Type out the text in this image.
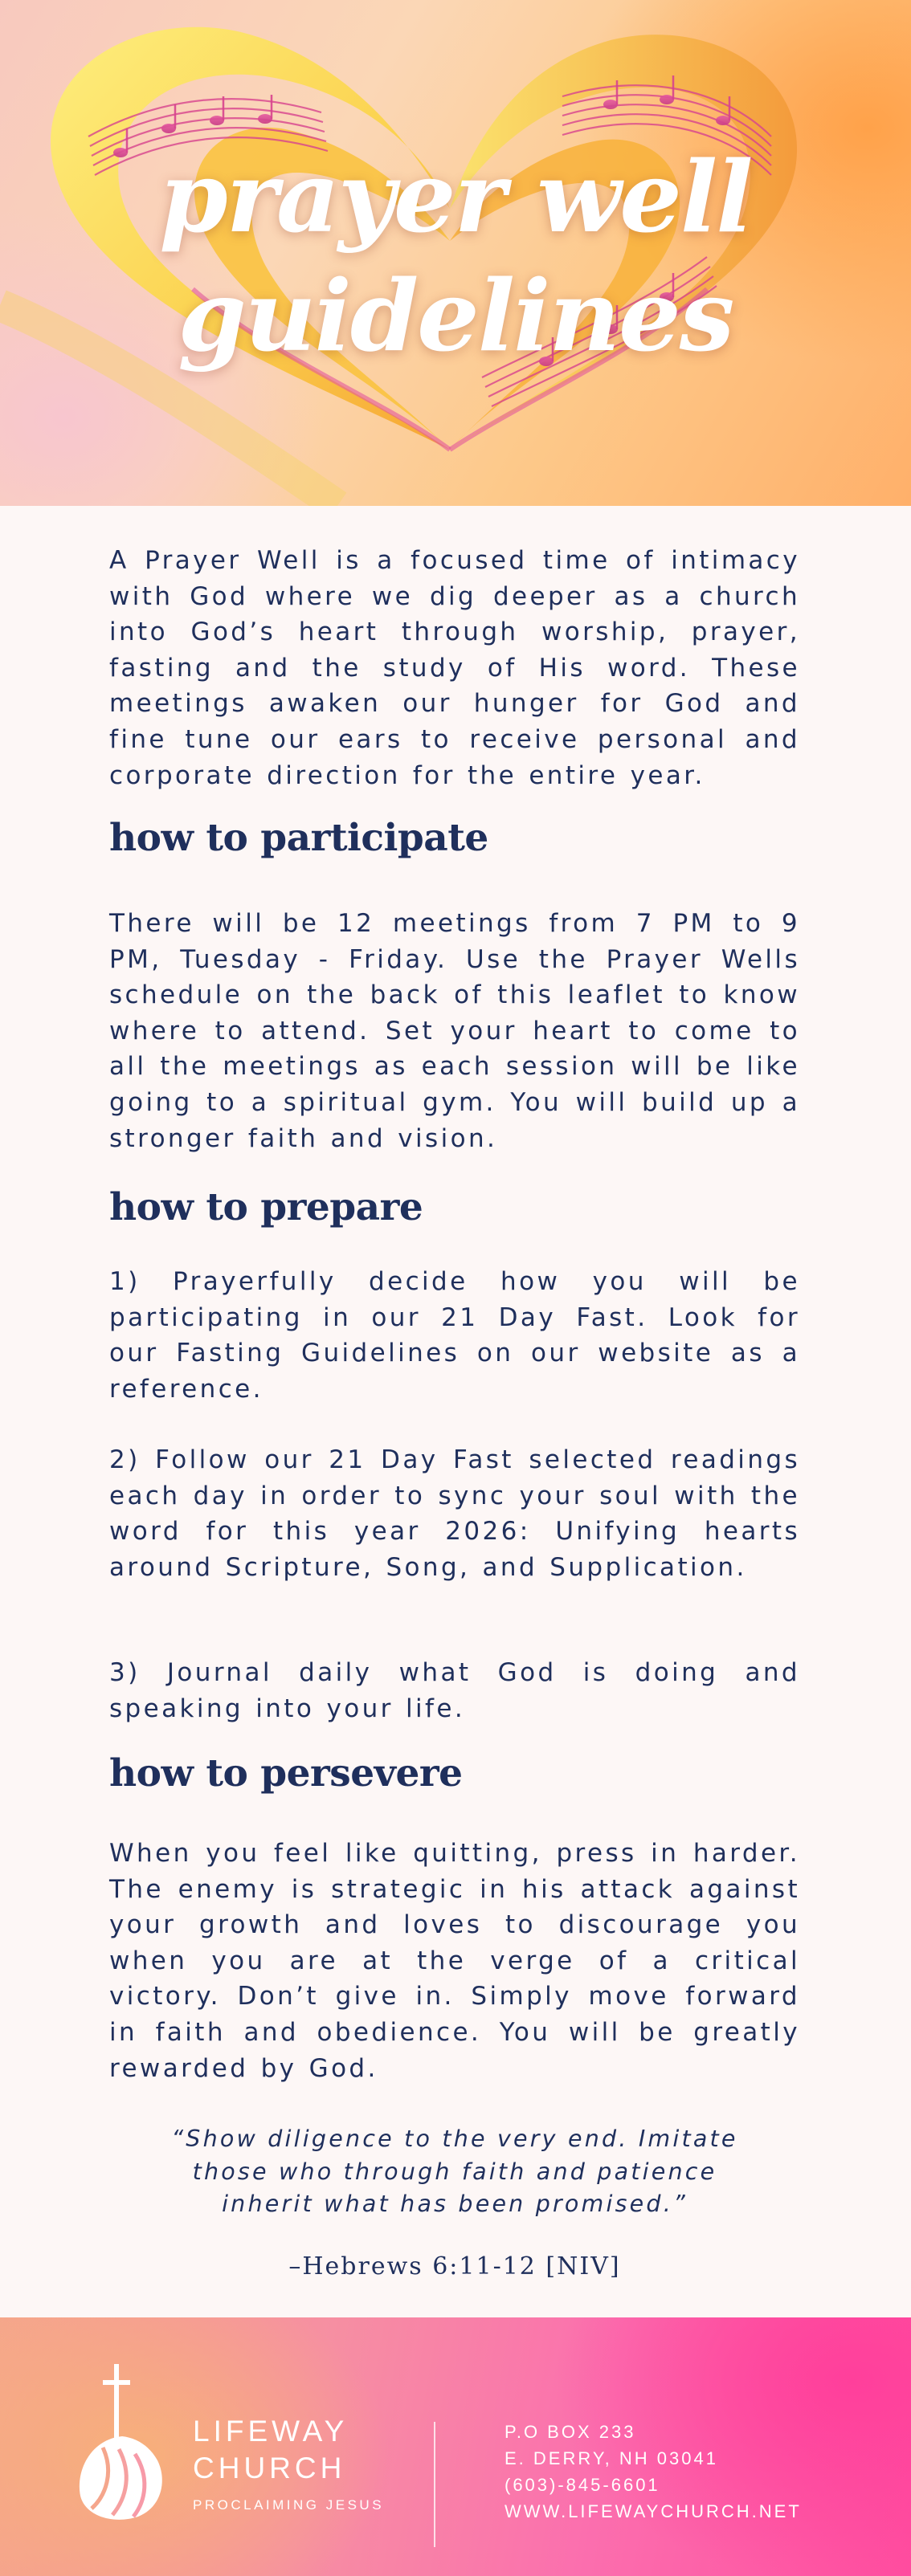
prayer well
guidelines

A Prayer Well is a focused time of intimacy with God where we dig deeper as a church into God’s heart through worship, prayer, fasting and the study of His word. These meetings awaken our hunger for God and fine tune our ears to receive personal and corporate direction for the entire year.

how to participate

There will be 12 meetings from 7 PM to 9 PM, Tuesday - Friday. Use the Prayer Wells schedule on the back of this leaflet to know where to attend. Set your heart to come to all the meetings as each session will be like going to a spiritual gym. You will build up a stronger faith and vision.

how to prepare

1) Prayerfully decide how you will be participating in our 21 Day Fast. Look for our Fasting Guidelines on our website as a reference.

2) Follow our 21 Day Fast selected readings each day in order to sync your soul with the word for this year 2026: Unifying hearts around Scripture, Song, and Supplication.

3) Journal daily what God is doing and speaking into your life.

how to persevere

When you feel like quitting, press in harder. The enemy is strategic in his attack against your growth and loves to discourage you when you are at the verge of a critical victory. Don’t give in. Simply move forward in faith and obedience. You will be greatly rewarded by God.

“Show diligence to the very end. Imitate
those who through faith and patience
inherit what has been promised.”

–Hebrews 6:11-12 [NIV]
LIFEWAY
CHURCH
PROCLAIMING JESUS
P.O BOX 233
E. DERRY, NH 03041
(603)-845-6601
WWW.LIFEWAYCHURCH.NET
